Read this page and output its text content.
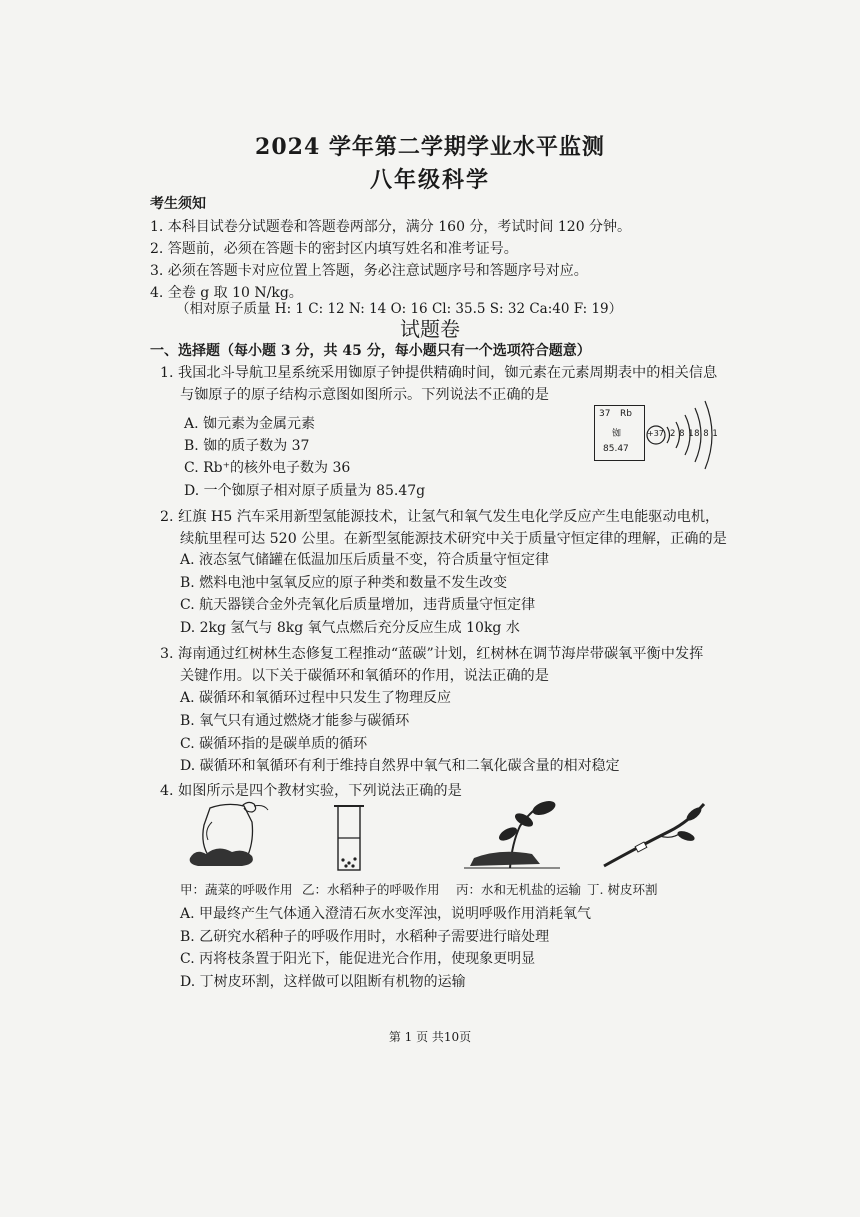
2024 学年第二学期学业水平监测
八年级科学
考生须知
1. 本科目试卷分试题卷和答题卷两部分，满分 160 分，考试时间 120 分钟。
2. 答题前，必须在答题卡的密封区内填写姓名和准考证号。
3. 必须在答题卡对应位置上答题，务必注意试题序号和答题序号对应。
4. 全卷 g 取 10 N/kg。
（相对原子质量 H: 1 C: 12 N: 14 O: 16 Cl: 35.5 S: 32 Ca:40 F: 19）
试题卷
一、选择题（每小题 3 分，共 45 分，每小题只有一个选项符合题意）
1. 我国北斗导航卫星系统采用铷原子钟提供精确时间，铷元素在元素周期表中的相关信息
与铷原子的原子结构示意图如图所示。下列说法不正确的是
A. 铷元素为金属元素
B. 铷的质子数为 37
C. Rb⁺的核外电子数为 36
D. 一个铷原子相对原子质量为 85.47g
37 Rb
铷
85.47
+37 2 8 18 8 1
2. 红旗 H5 汽车采用新型氢能源技术，让氢气和氧气发生电化学反应产生电能驱动电机，
续航里程可达 520 公里。在新型氢能源技术研究中关于质量守恒定律的理解，正确的是
A. 液态氢气储罐在低温加压后质量不变，符合质量守恒定律
B. 燃料电池中氢氧反应的原子种类和数量不发生改变
C. 航天器镁合金外壳氧化后质量增加，违背质量守恒定律
D. 2kg 氢气与 8kg 氧气点燃后充分反应生成 10kg 水
3. 海南通过红树林生态修复工程推动“蓝碳”计划，红树林在调节海岸带碳氧平衡中发挥
关键作用。以下关于碳循环和氧循环的作用，说法正确的是
A. 碳循环和氧循环过程中只发生了物理反应
B. 氧气只有通过燃烧才能参与碳循环
C. 碳循环指的是碳单质的循环
D. 碳循环和氧循环有利于维持自然界中氧气和二氧化碳含量的相对稳定
4. 如图所示是四个教材实验，下列说法正确的是
甲：蔬菜的呼吸作用 乙：水稻种子的呼吸作用 丙：水和无机盐的运输 丁. 树皮环割
A. 甲最终产生气体通入澄清石灰水变浑浊，说明呼吸作用消耗氧气
B. 乙研究水稻种子的呼吸作用时，水稻种子需要进行暗处理
C. 丙将枝条置于阳光下，能促进光合作用，使现象更明显
D. 丁树皮环割，这样做可以阻断有机物的运输
第 1 页 共10页
